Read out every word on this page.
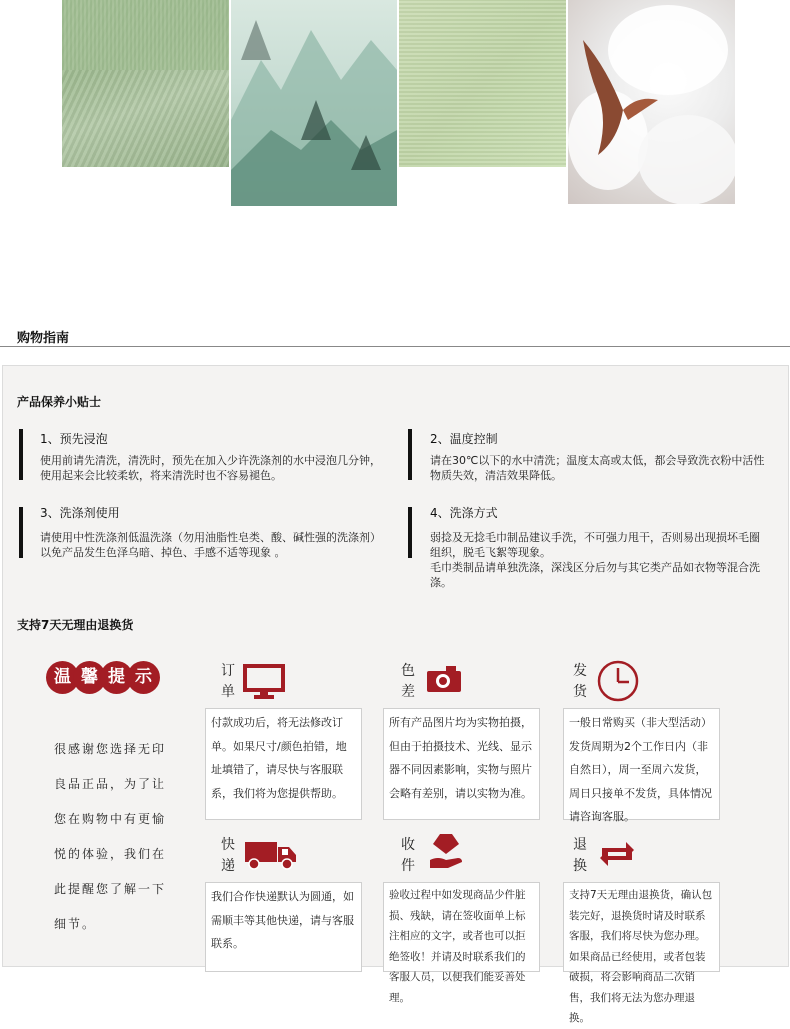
购物指南
产品保养小贴士
1、预先浸泡
使用前请先清洗，清洗时，预先在加入少许洗涤剂的水中浸泡几分钟，使用起来会比较柔软，将来清洗时也不容易褪色。
2、温度控制
请在30℃以下的水中清洗；温度太高或太低，都会导致洗衣粉中活性物质失效，清洁效果降低。
3、洗涤剂使用
请使用中性洗涤剂低温洗涤（勿用油脂性皂类、酸、碱性强的洗涤剂）以免产品发生色泽乌暗、掉色、手感不适等现象 。
4、洗涤方式
弱捻及无捻毛巾制品建议手洗，不可强力甩干，否则易出现损坏毛圈组织，脱毛飞絮等现象。
毛巾类制品请单独洗涤，深浅区分后勿与其它类产品如衣物等混合洗涤。
支持7天无理由退换货
温 馨 提 示
很感谢您选择无印
良品正品，为了让
您在购物中有更愉
悦的体验，我们在
此提醒您了解一下
细节。
订
单
付款成功后，将无法修改订单。如果尺寸/颜色拍错，地址填错了，请尽快与客服联系，我们将为您提供帮助。
色
差
所有产品图片均为实物拍摄，但由于拍摄技术、光线、显示器不同因素影响，实物与照片会略有差别，请以实物为准。
发
货
一般日常购买（非大型活动）发货周期为2个工作日内（非自然日），周一至周六发货，周日只接单不发货，具体情况请咨询客服。
快
递
我们合作快递默认为圆通，如需顺丰等其他快递，请与客服联系。
收
件
验收过程中如发现商品少件脏损、残缺，请在签收面单上标注相应的文字，或者也可以拒绝签收！并请及时联系我们的客服人员，以便我们能妥善处理。
退
换
支持7天无理由退换货，确认包装完好，退换货时请及时联系客服，我们将尽快为您办理。如果商品已经使用，或者包装破损，将会影响商品二次销售，我们将无法为您办理退换。
